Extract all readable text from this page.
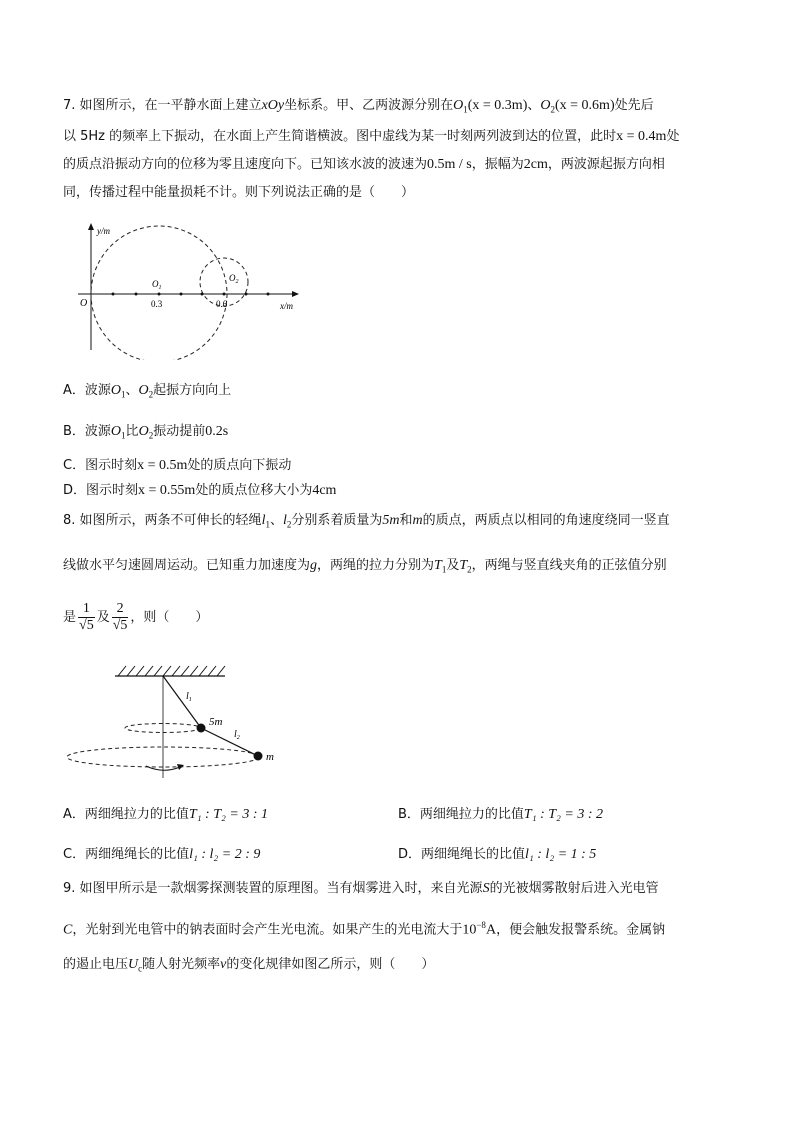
7. 如图所示，在一平静水面上建立xOy坐标系。甲、乙两波源分别在$O_1(x = 0.3m)$、$O_2(x = 0.6m)$处先后
以 5Hz 的频率上下振动，在水面上产生简谐横波。图中虚线为某一时刻两列波到达的位置，此时x = 0.4m处
的质点沿振动方向的位移为零且速度向下。已知该水波的波速为0.5m / s，振幅为2cm，两波源起振方向相
同，传播过程中能量损耗不计。则下列说法正确的是（　　）
y/m
x/m
O
$O_1$
$O_2$
0.3	0.6
A．波源$O_1$、$O_2$起振方向向上
B．波源$O_1$比$O_2$振动提前0.2s
C．图示时刻x = 0.5m处的质点向下振动
D．图示时刻x = 0.55m处的质点位移大小为4cm
8. 如图所示，两条不可伸长的轻绳$l_1$、$l_2$分别系着质量为5m和m的质点，两质点以相同的角速度绕同一竖直
线做水平匀速圆周运动。已知重力加速度为g，两绳的拉力分别为$T_1$及$T_2$，两绳与竖直线夹角的正弦值分别
是 $\frac{1}{√5}$ 及 $\frac{2}{√5}$ ，则（　　）
$l_1$
$l_2$
5m
m
A．两细绳拉力的比值T₁ : T₂ = 3 : 1	B．两细绳拉力的比值T₁ : T₂ = 3 : 2
C．两细绳绳长的比值l₁ : l₂ = 2 : 9	D．两细绳绳长的比值l₁ : l₂ = 1 : 5
9. 如图甲所示是一款烟雾探测装置的原理图。当有烟雾进入时，来自光源S的光被烟雾散射后进入光电管
C，光射到光电管中的钠表面时会产生光电流。如果产生的光电流大于$10^{-8}A$，便会触发报警系统。金属钠
的遏止电压$U_c$随人射光频率ν的变化规律如图乙所示，则（　　）
